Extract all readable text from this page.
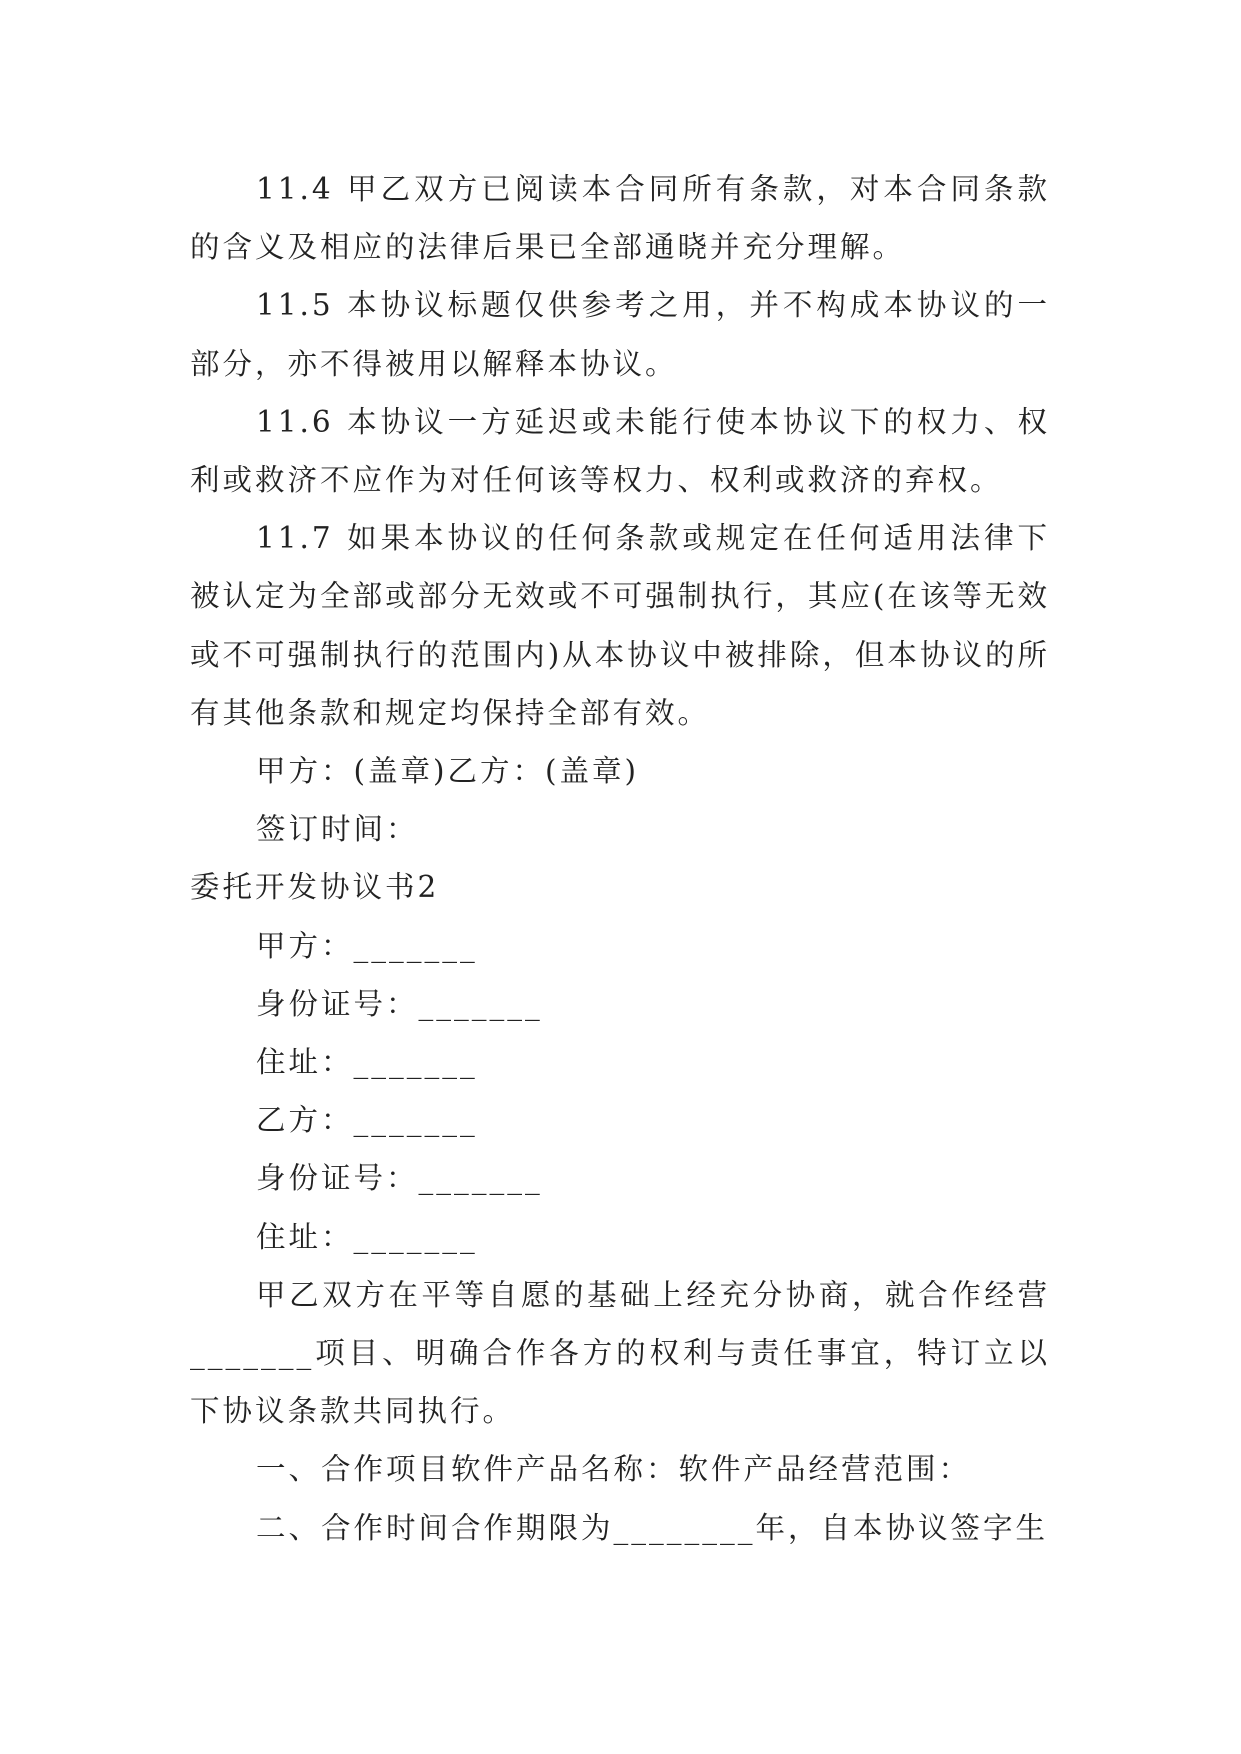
11.4 甲乙双方已阅读本合同所有条款，对本合同条款的含义及相应的法律后果已全部通晓并充分理解。

11.5 本协议标题仅供参考之用，并不构成本协议的一部分，亦不得被用以解释本协议。

11.6 本协议一方延迟或未能行使本协议下的权力、权利或救济不应作为对任何该等权力、权利或救济的弃权。

11.7 如果本协议的任何条款或规定在任何适用法律下被认定为全部或部分无效或不可强制执行，其应(在该等无效或不可强制执行的范围内)从本协议中被排除，但本协议的所有其他条款和规定均保持全部有效。

甲方：(盖章)乙方：(盖章)

签订时间：

委托开发协议书2

甲方：_______

身份证号：_______

住址：_______

乙方：_______

身份证号：_______

住址：_______

甲乙双方在平等自愿的基础上经充分协商，就合作经营_______项目、明确合作各方的权利与责任事宜，特订立以下协议条款共同执行。

一、合作项目软件产品名称：软件产品经营范围：

二、合作时间合作期限为________年，自本协议签字生
